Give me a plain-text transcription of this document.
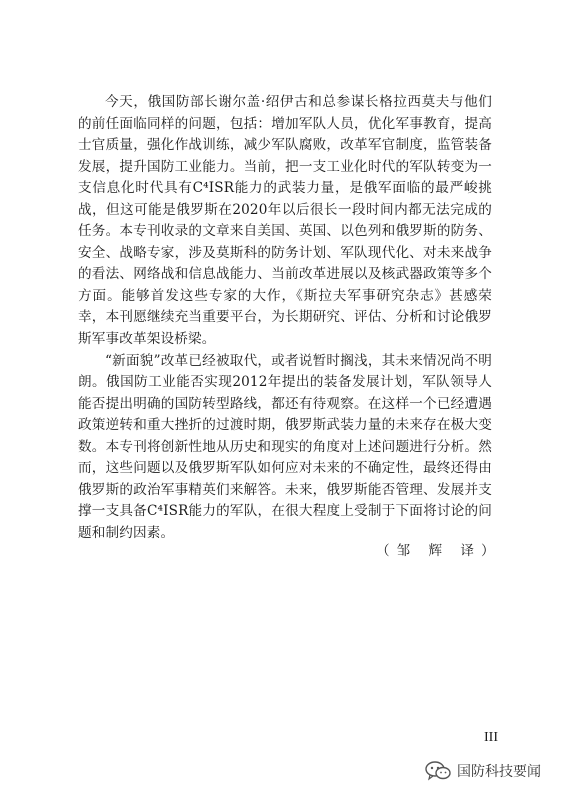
今天，俄国防部长谢尔盖·绍伊古和总参谋长格拉西莫夫与他们的前任面临同样的问题，包括：增加军队人员，优化军事教育，提高士官质量，强化作战训练，减少军队腐败，改革军官制度，监管装备发展，提升国防工业能力。当前，把一支工业化时代的军队转变为一支信息化时代具有C⁴ISR能力的武装力量，是俄军面临的最严峻挑战，但这可能是俄罗斯在2020年以后很长一段时间内都无法完成的任务。本专刊收录的文章来自美国、英国、以色列和俄罗斯的防务、安全、战略专家，涉及莫斯科的防务计划、军队现代化、对未来战争的看法、网络战和信息战能力、当前改革进展以及核武器政策等多个方面。能够首发这些专家的大作，《斯拉夫军事研究杂志》甚感荣幸，本刊愿继续充当重要平台，为长期研究、评估、分析和讨论俄罗斯军事改革架设桥梁。

“新面貌”改革已经被取代，或者说暂时搁浅，其未来情况尚不明朗。俄国防工业能否实现2012年提出的装备发展计划，军队领导人能否提出明确的国防转型路线，都还有待观察。在这样一个已经遭遇政策逆转和重大挫折的过渡时期，俄罗斯武装力量的未来存在极大变数。本专刊将创新性地从历史和现实的角度对上述问题进行分析。然而，这些问题以及俄罗斯军队如何应对未来的不确定性，最终还得由俄罗斯的政治军事精英们来解答。未来，俄罗斯能否管理、发展并支撑一支具备C⁴ISR能力的军队，在很大程度上受制于下面将讨论的问题和制约因素。

（邹 辉 译）
III
国防科技要闻
